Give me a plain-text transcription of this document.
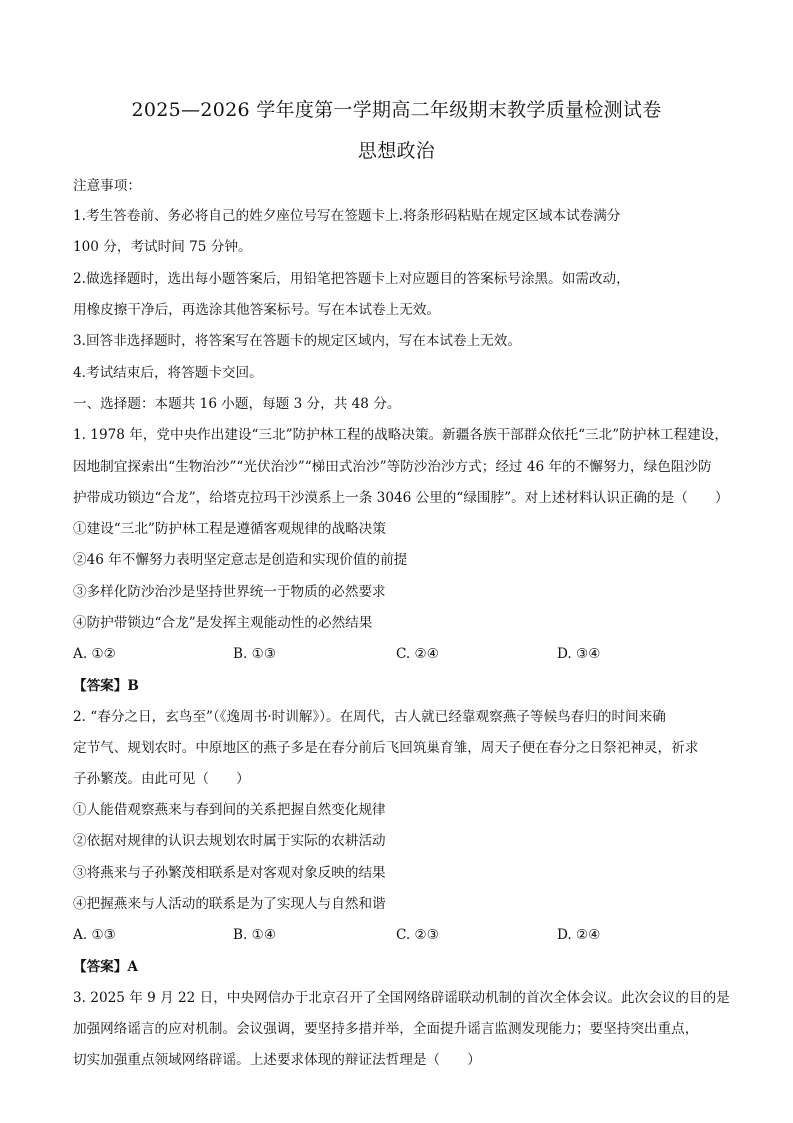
2025—2026 学年度第一学期高二年级期末教学质量检测试卷
思想政治
注意事项：
1.考生答卷前、务必将自己的姓夕座位号写在签题卡上.将条形码粘贴在规定区域本试卷满分
100 分，考试时间 75 分钟。
2.做选择题时，选出每小题答案后，用铅笔把答题卡上对应题目的答案标号涂黑。如需改动，
用橡皮擦干净后，再选涂其他答案标号。写在本试卷上无效。
3.回答非选择题时，将答案写在答题卡的规定区域内，写在本试卷上无效。
4.考试结束后，将答题卡交回。
一、选择题：本题共 16 小题，每题 3 分，共 48 分。
1. 1978 年，党中央作出建设“三北”防护林工程的战略决策。新疆各族干部群众依托“三北”防护林工程建设，
因地制宜探索出“生物治沙”“光伏治沙”“梯田式治沙”等防沙治沙方式；经过 46 年的不懈努力，绿色阻沙防
护带成功锁边“合龙”，给塔克拉玛干沙漠系上一条 3046 公里的“绿围脖”。对上述材料认识正确的是（　　）
①建设“三北”防护林工程是遵循客观规律的战略决策
②46 年不懈努力表明坚定意志是创造和实现价值的前提
③多样化防沙治沙是坚持世界统一于物质的必然要求
④防护带锁边“合龙”是发挥主观能动性的必然结果
A. ①②	B. ①③	C. ②④	D. ③④
【答案】B
2. “春分之日，玄鸟至”（《逸周书·时训解》）。在周代，古人就已经靠观察燕子等候鸟春归的时间来确
定节气、规划农时。中原地区的燕子多是在春分前后飞回筑巢育雏，周天子便在春分之日祭祀神灵，祈求
子孙繁茂。由此可见（　　）
①人能借观察燕来与春到间的关系把握自然变化规律
②依据对规律的认识去规划农时属于实际的农耕活动
③将燕来与子孙繁茂相联系是对客观对象反映的结果
④把握燕来与人活动的联系是为了实现人与自然和谐
A. ①③	B. ①④	C. ②③	D. ②④
【答案】A
3. 2025 年 9 月 22 日，中央网信办于北京召开了全国网络辟谣联动机制的首次全体会议。此次会议的目的是
加强网络谣言的应对机制。会议强调，要坚持多措并举，全面提升谣言监测发现能力；要坚持突出重点，
切实加强重点领域网络辟谣。上述要求体现的辩证法哲理是（　　）
